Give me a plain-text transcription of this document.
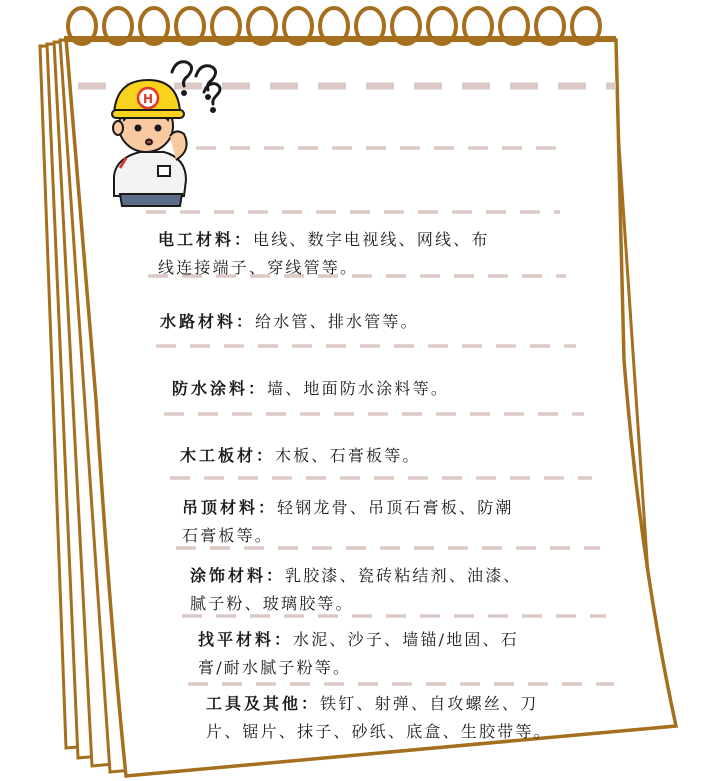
H
电工材料：电线、数字电视线、网线、布
线连接端子、穿线管等。
水路材料：给水管、排水管等。
防水涂料：墙、地面防水涂料等。
木工板材：木板、石膏板等。
吊顶材料：轻钢龙骨、吊顶石膏板、防潮
石膏板等。
涂饰材料：乳胶漆、瓷砖粘结剂、油漆、
腻子粉、玻璃胶等。
找平材料：水泥、沙子、墙锚/地固、石
膏/耐水腻子粉等。
工具及其他：铁钉、射弹、自攻螺丝、刀
片、锯片、抹子、砂纸、底盒、生胶带等。
